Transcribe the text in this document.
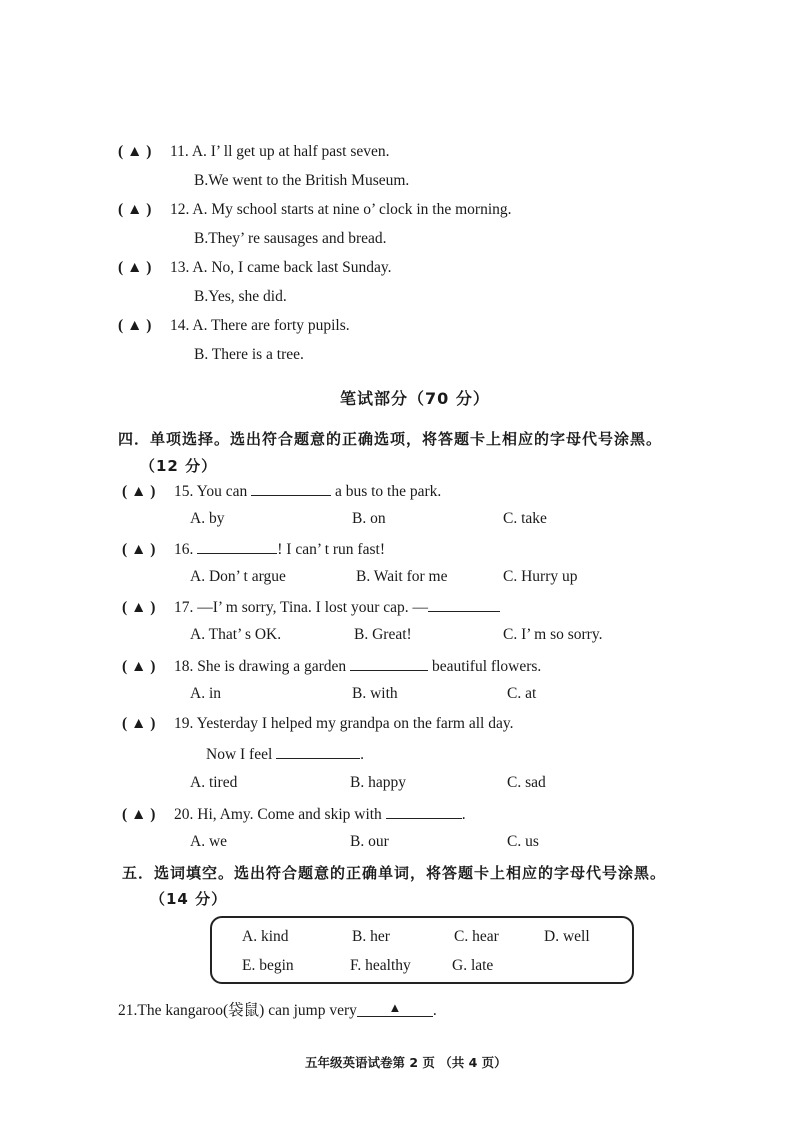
( ▲ ) 11. A. I’ ll get up at half past seven.
B.We went to the British Museum.
( ▲ ) 12. A. My school starts at nine o’ clock in the morning.
B.They’ re sausages and bread.
( ▲ ) 13. A. No, I came back last Sunday.
B.Yes, she did.
( ▲ ) 14. A. There are forty pupils.
B. There is a tree.
笔试部分（70 分）
四．单项选择。选出符合题意的正确选项，将答题卡上相应的字母代号涂黑。
（12 分）
( ▲ ) 15. You can	a bus to the park.
A. by	B. on	C. take
( ▲ ) 16.	! I can’ t run fast!
A. Don’ t argue	B. Wait for me	C. Hurry up
( ▲ ) 17. —I’ m sorry, Tina. I lost your cap. —
A. That’ s OK.	B. Great!	C. I’ m so sorry.
( ▲ ) 18. She is drawing a garden	beautiful flowers.
A. in	B. with	C. at
( ▲ ) 19. Yesterday I helped my grandpa on the farm all day.
Now I feel	.
A. tired	B. happy	C. sad
( ▲ ) 20. Hi, Amy. Come and skip with	.
A. we	B. our	C. us
五．选词填空。选出符合题意的正确单词，将答题卡上相应的字母代号涂黑。
（14 分）
A. kind	B. her	C. hear	D. well
E. begin	F. healthy	G. late
21.The kangaroo(袋鼠) can jump very ▲ .
五年级英语试卷第 2 页 （共 4 页）
